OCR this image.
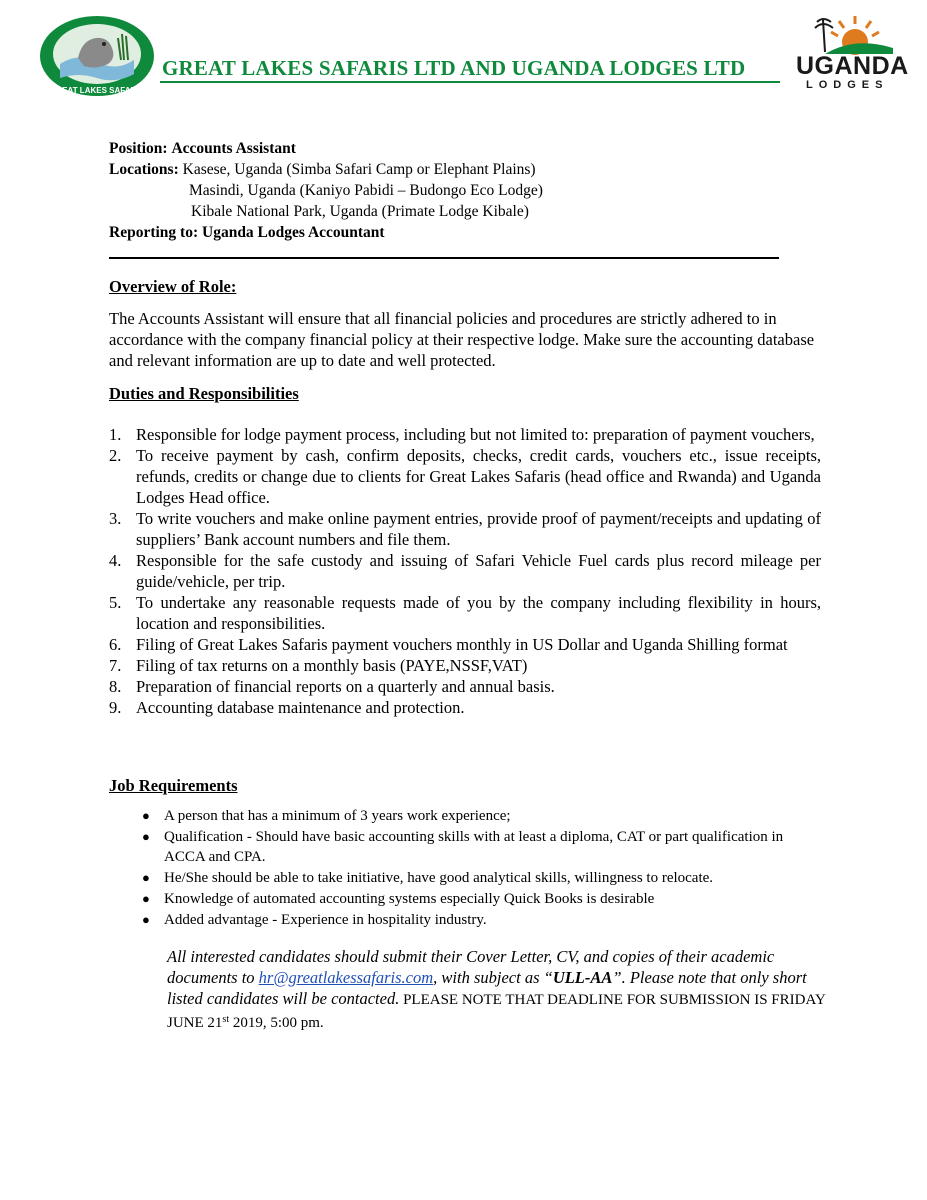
GREAT LAKES SAFARIS
GREAT LAKES SAFARIS LTD AND UGANDA LODGES LTD UGANDA
LODGES
Position: Accounts Assistant
Locations: Kasese, Uganda (Simba Safari Camp or Elephant Plains)
Masindi, Uganda (Kaniyo Pabidi – Budongo Eco Lodge)
Kibale National Park, Uganda (Primate Lodge Kibale)
Reporting to: Uganda Lodges Accountant
Overview of Role:
The Accounts Assistant will ensure that all financial policies and procedures are strictly adhered to in accordance with the company financial policy at their respective lodge. Make sure the accounting database and relevant information are up to date and well protected.
Duties and Responsibilities
1. Responsible for lodge payment process, including but not limited to: preparation of payment vouchers,
2. To receive payment by cash, confirm deposits, checks, credit cards, vouchers etc., issue receipts, refunds, credits or change due to clients for Great Lakes Safaris (head office and Rwanda) and Uganda Lodges Head office.
3. To write vouchers and make online payment entries, provide proof of payment/receipts and updating of suppliers’ Bank account numbers and file them.
4. Responsible for the safe custody and issuing of Safari Vehicle Fuel cards plus record mileage per guide/vehicle, per trip.
5. To undertake any reasonable requests made of you by the company including flexibility in hours, location and responsibilities.
6. Filing of Great Lakes Safaris payment vouchers monthly in US Dollar and Uganda Shilling format
7. Filing of tax returns on a monthly basis (PAYE,NSSF,VAT)
8. Preparation of financial reports on a quarterly and annual basis.
9. Accounting database maintenance and protection.
Job Requirements
● A person that has a minimum of 3 years work experience;
● Qualification - Should have basic accounting skills with at least a diploma, CAT or part qualification in ACCA and CPA.
● He/She should be able to take initiative, have good analytical skills, willingness to relocate.
● Knowledge of automated accounting systems especially Quick Books is desirable
● Added advantage - Experience in hospitality industry.
All interested candidates should submit their Cover Letter, CV, and copies of their academic documents to hr@greatlakessafaris.com, with subject as “ULL-AA”. Please note that only short listed candidates will be contacted. PLEASE NOTE THAT DEADLINE FOR SUBMISSION IS FRIDAY JUNE 21st 2019, 5:00 pm.
